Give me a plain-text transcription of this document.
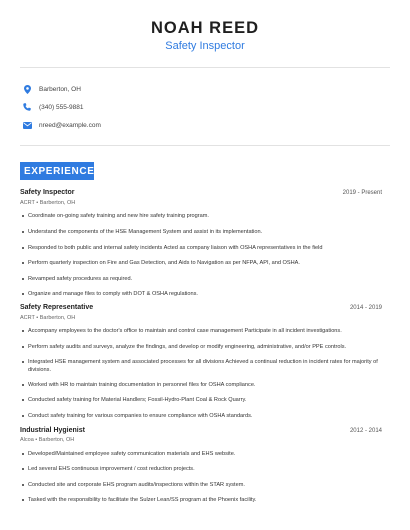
NOAH REED
Safety Inspector
Barberton, OH
(340) 555-9881
nreed@example.com
EXPERIENCE
Safety Inspector	2019 - Present
ACRT • Barberton, OH
Coordinate on-going safety training and new hire safety training program.
Understand the components of the HSE Management System and assist in its implementation.
Responded to both public and internal safety incidents Acted as company liaison with OSHA representatives in the field
Perform quarterly inspection on Fire and Gas Detection, and Aids to Navigation as per NFPA, API, and OSHA.
Revamped safety procedures as required.
Organize and manage files to comply with DOT & OSHA regulations.
Safety Representative	2014 - 2019
ACRT • Barberton, OH
Accompany employees to the doctor's office to maintain and control case management Participate in all incident investigations.
Perform safety audits and surveys, analyze the findings, and develop or modify engineering, administrative, and/or PPE controls.
Integrated HSE management system and associated processes for all divisions Achieved a continual reduction in incident rates for majority of divisions.
Worked with HR to maintain training documentation in personnel files for OSHA compliance.
Conducted safety training for Material Handlers; Fossil-Hydro-Plant Coal & Rock Quarry.
Conduct safety training for various companies to ensure compliance with OSHA standards.
Industrial Hygienist	2012 - 2014
Alcoa • Barberton, OH
Developed/Maintained employee safety communication materials and EHS website.
Led several EHS continuous improvement / cost reduction projects.
Conducted site and corporate EHS program audits/inspections within the STAR system.
Tasked with the responsibility to facilitate the Sulzer Lean/SS program at the Phoenix facility.
